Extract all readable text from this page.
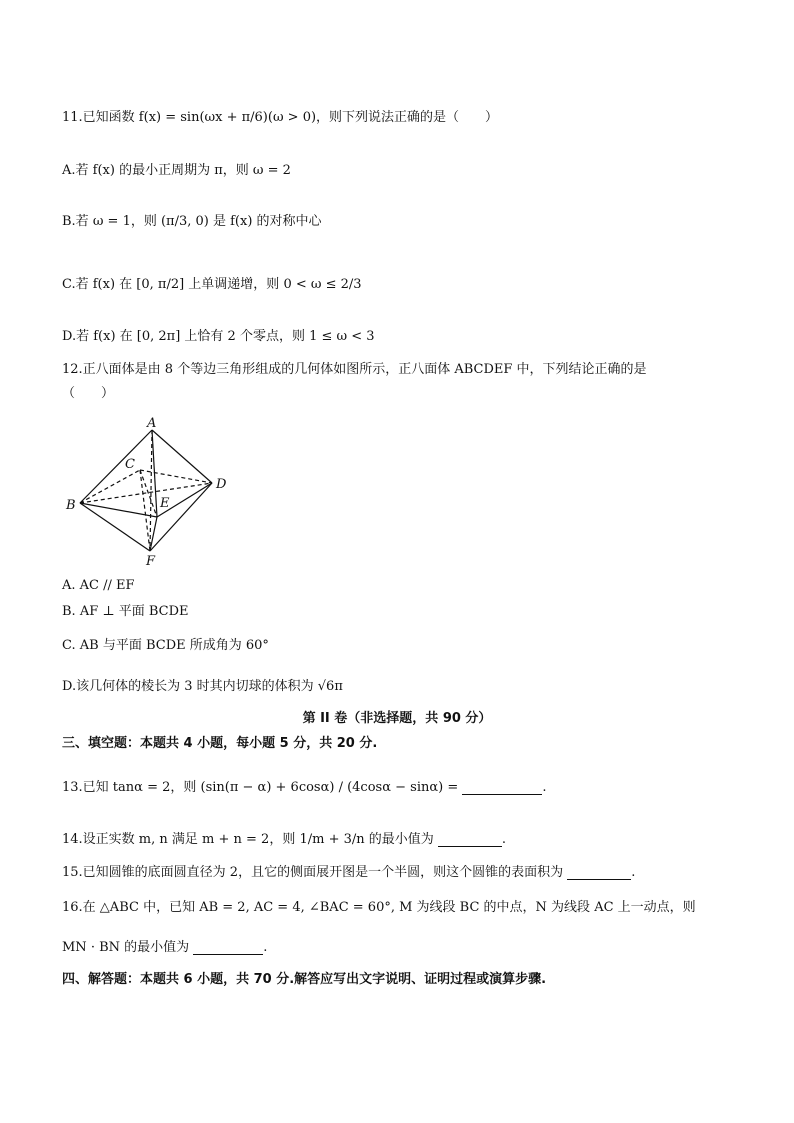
11.已知函数 f(x) = sin(ωx + π/6)(ω > 0)，则下列说法正确的是（　　）
A.若 f(x) 的最小正周期为 π，则 ω = 2
B.若 ω = 1，则 (π/3, 0) 是 f(x) 的对称中心
C.若 f(x) 在 [0, π/2] 上单调递增，则 0 < ω ≤ 2/3
D.若 f(x) 在 [0, 2π] 上恰有 2 个零点，则 1 ≤ ω < 3
12.正八面体是由 8 个等边三角形组成的几何体如图所示，正八面体 ABCDEF 中，下列结论正确的是
（　　）
A
C
D
B	E
F
A. AC // EF
B. AF ⊥ 平面 BCDE
C. AB 与平面 BCDE 所成角为 60°
D.该几何体的棱长为 3 时其内切球的体积为 √6π
第 II 卷（非选择题，共 90 分）
三、填空题：本题共 4 小题，每小题 5 分，共 20 分.
13.已知 tanα = 2，则 (sin(π − α) + 6cosα) / (4cosα − sinα) =	.
14.设正实数 m, n 满足 m + n = 2，则 1/m + 3/n 的最小值为	.
15.已知圆锥的底面圆直径为 2，且它的侧面展开图是一个半圆，则这个圆锥的表面积为	.
16.在 △ABC 中，已知 AB = 2, AC = 4, ∠BAC = 60°, M 为线段 BC 的中点，N 为线段 AC 上一动点，则
MN · BN 的最小值为	.
四、解答题：本题共 6 小题，共 70 分.解答应写出文字说明、证明过程或演算步骤.
